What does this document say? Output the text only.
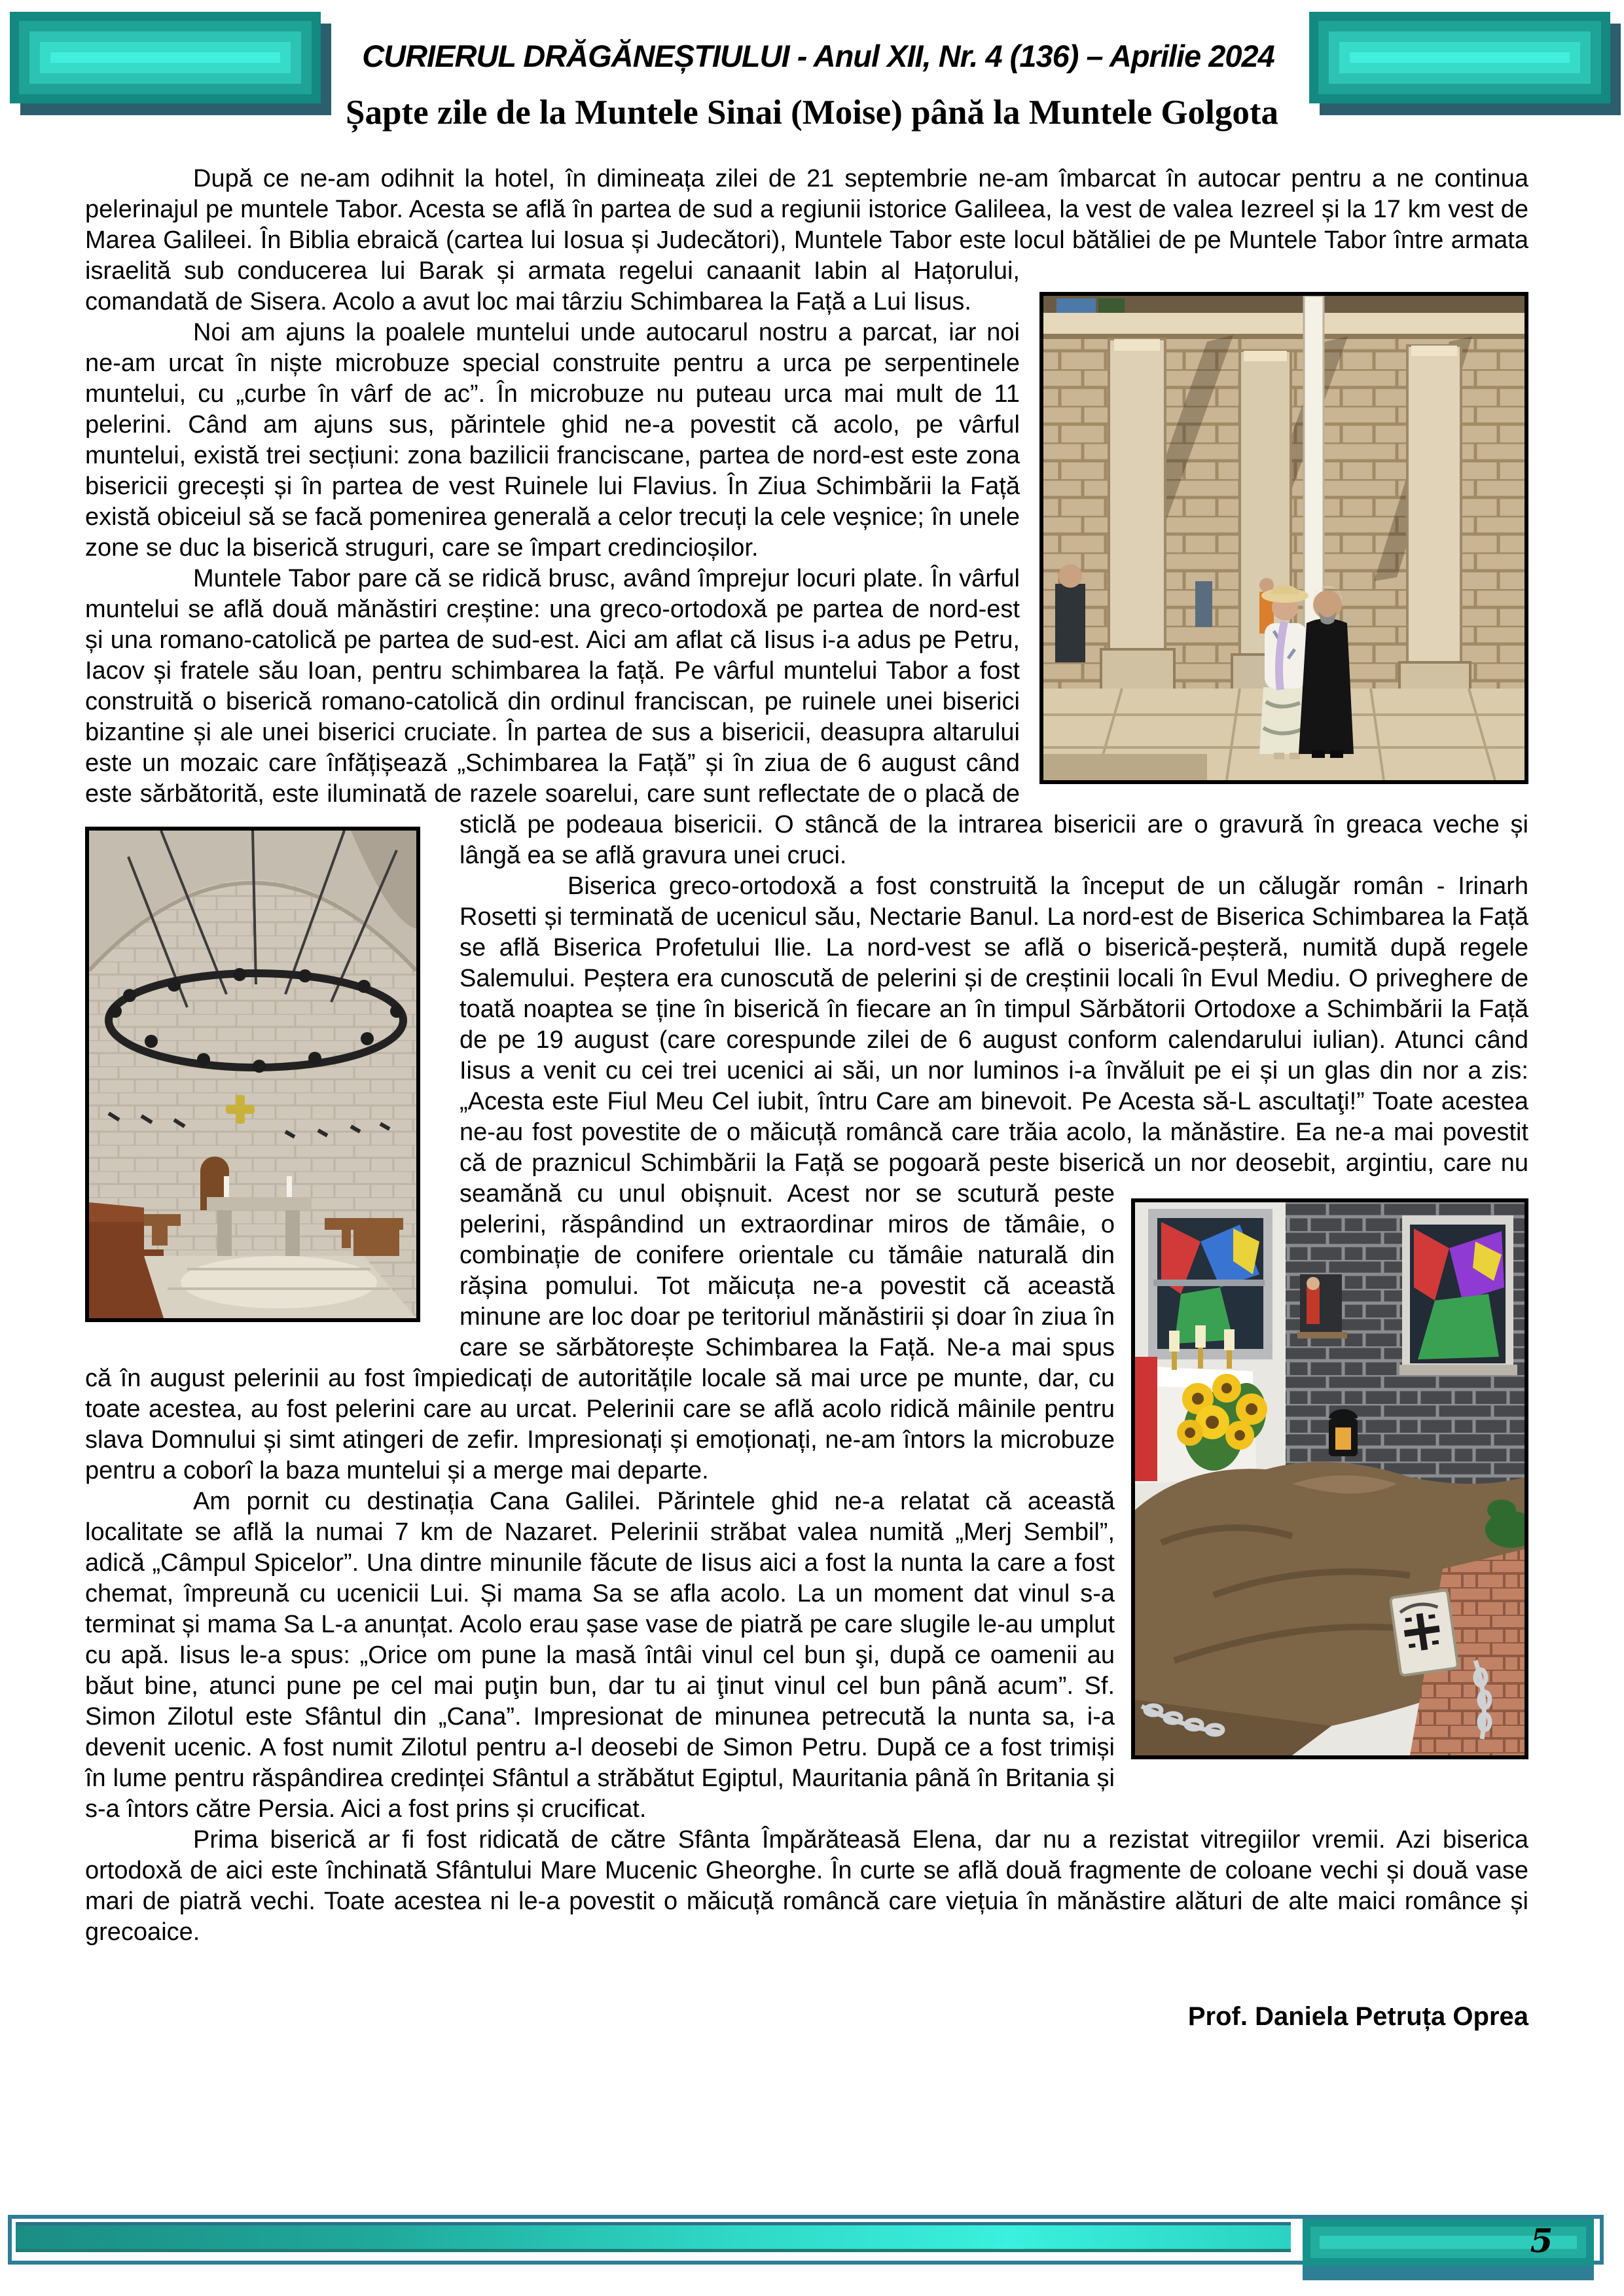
CURIERUL DRĂGĂNEȘTIULUI - Anul XII, Nr. 4 (136) – Aprilie 2024
Șapte zile de la Muntele Sinai (Moise) până la Muntele Golgota

După ce ne-am odihnit la hotel, în dimineața zilei de 21 septembrie ne-am îmbarcat în autocar pentru a ne continua pelerinajul pe muntele Tabor. Acesta se află în partea de sud a regiunii istorice Galileea, la vest de valea Iezreel și la 17 km vest de Marea Galileei. În Biblia ebraică (cartea lui Iosua și Judecători), Muntele Tabor este locul bătăliei de pe Muntele Tabor între armata israelită sub conducerea lui Barak și armata regelui canaanit Iabin al
Hațorului, comandată de Sisera. Acolo a avut loc mai târziu Schimbarea la Față a Lui Iisus.

Noi am ajuns la poalele muntelui unde autocarul nostru a parcat, iar noi ne-am urcat în niște microbuze special construite pentru a urca pe serpentinele muntelui, cu „curbe în vârf de ac”. În microbuze nu puteau urca mai mult de 11 pelerini. Când am ajuns sus, părintele ghid ne-a povestit că acolo, pe vârful muntelui, există trei secțiuni: zona bazilicii franciscane, partea de nord-est este zona bisericii grecești și în partea de vest Ruinele lui Flavius. În Ziua Schimbării la Față există obiceiul să se facă pomenirea generală a celor trecuți la cele veșnice; în unele zone se duc la biserică struguri, care se împart credincioșilor.

Muntele Tabor pare că se ridică brusc, având împrejur locuri plate. În vârful muntelui se află două mănăstiri creștine: una greco-ortodoxă pe partea de nord-est și una romano-catolică pe partea de sud-est. Aici am aflat că Iisus i-a adus pe Petru, Iacov și fratele său Ioan, pentru schimbarea la față. Pe vârful muntelui Tabor a fost construită o biserică romano-catolică din ordinul franciscan, pe ruinele unei biserici bizantine și ale unei biserici cruciate. În partea de sus a bisericii, deasupra altarului este un mozaic care înfățișează „Schimbarea la Față” și în ziua de 6 august când este sărbătorită, este iluminată de razele soarelui, care sunt reflectate de o placă de sticlă pe
podeaua bisericii. O stâncă de la intrarea bisericii are o gravură în greaca veche și lângă ea se află gravura unei cruci.

Biserica greco-ortodoxă a fost construită la început de un călugăr român - Irinarh Rosetti și terminată de ucenicul său, Nectarie Banul. La nord-est de Biserica Schimbarea la Față se află Biserica Profetului Ilie. La nord-vest se află o biserică-peșteră, numită după regele Salemului. Peștera era cunoscută de pelerini și de creștinii locali în Evul Mediu. O priveghere de toată noaptea se ține în biserică în fiecare an în timpul Sărbătorii Ortodoxe a Schimbării la Față de pe 19 august (care corespunde zilei de 6 august conform calendarului iulian). Atunci când Iisus a venit cu cei trei ucenici ai săi, un nor luminos i-a învăluit pe ei și un glas din nor a zis: „Acesta este Fiul Meu Cel iubit, întru Care am binevoit. Pe Acesta să-L ascultaţi!” Toate acestea ne-au fost povestite de o măicuță româncă care trăia acolo, la mănăstire. Ea ne-a mai povestit că de praznicul Schimbării la Față se pogoară peste biserică un nor
deosebit, argintiu, care nu seamănă cu unul obișnuit. Acest nor se scutură peste pelerini, răspândind un extraordinar miros de tămâie, o combinație de conifere orientale cu tămâie naturală din rășina pomului. Tot măicuța ne-a povestit că această minune are loc doar pe teritoriul mănăstirii și doar în ziua în care se sărbătorește Schimbarea la Față. Ne-a mai spus că în august pelerinii au fost împiedicați de autoritățile locale să mai urce pe munte, dar, cu toate acestea, au fost pelerini care au urcat. Pelerinii care se află acolo ridică mâinile pentru slava Domnului și simt atingeri de zefir. Impresionați și emoționați, ne-am întors la microbuze pentru a coborî la baza muntelui și a merge mai departe.

Am pornit cu destinația Cana Galilei. Părintele ghid ne-a relatat că această localitate se află la numai 7 km de Nazaret. Pelerinii străbat valea numită „Merj Sembil”, adică „Câmpul Spicelor”. Una dintre minunile făcute de Iisus aici a fost la nunta la care a fost chemat, împreună cu ucenicii Lui. Și mama Sa se afla acolo. La un moment dat vinul s-a terminat și mama Sa L-a anunțat. Acolo erau șase vase de piatră pe care slugile le-au umplut cu apă. Iisus le-a spus: „Orice om pune la masă întâi vinul cel bun şi, după ce oamenii au băut bine, atunci pune pe cel mai puţin bun, dar tu ai ţinut vinul cel bun până acum”. Sf. Simon Zilotul este Sfântul din „Cana”. Impresionat de minunea petrecută la nunta sa, i-a devenit ucenic. A fost numit Zilotul pentru a-l deosebi de Simon Petru. După ce a fost trimiși în lume pentru răspândirea credinței Sfântul a străbătut Egiptul, Mauritania până în Britania și s-a întors către Persia. Aici a fost prins și crucificat.

Prima biserică ar fi fost ridicată de către Sfânta Împărăteasă Elena, dar nu a rezistat vitregiilor vremii. Azi biserica ortodoxă de aici este închinată Sfântului Mare Mucenic Gheorghe. În curte se află două fragmente de coloane vechi și două vase mari de piatră vechi. Toate acestea ni le-a povestit o măicuță româncă care viețuia în mănăstire alături de alte maici românce și grecoaice.

Prof. Daniela Petruța Oprea

5
